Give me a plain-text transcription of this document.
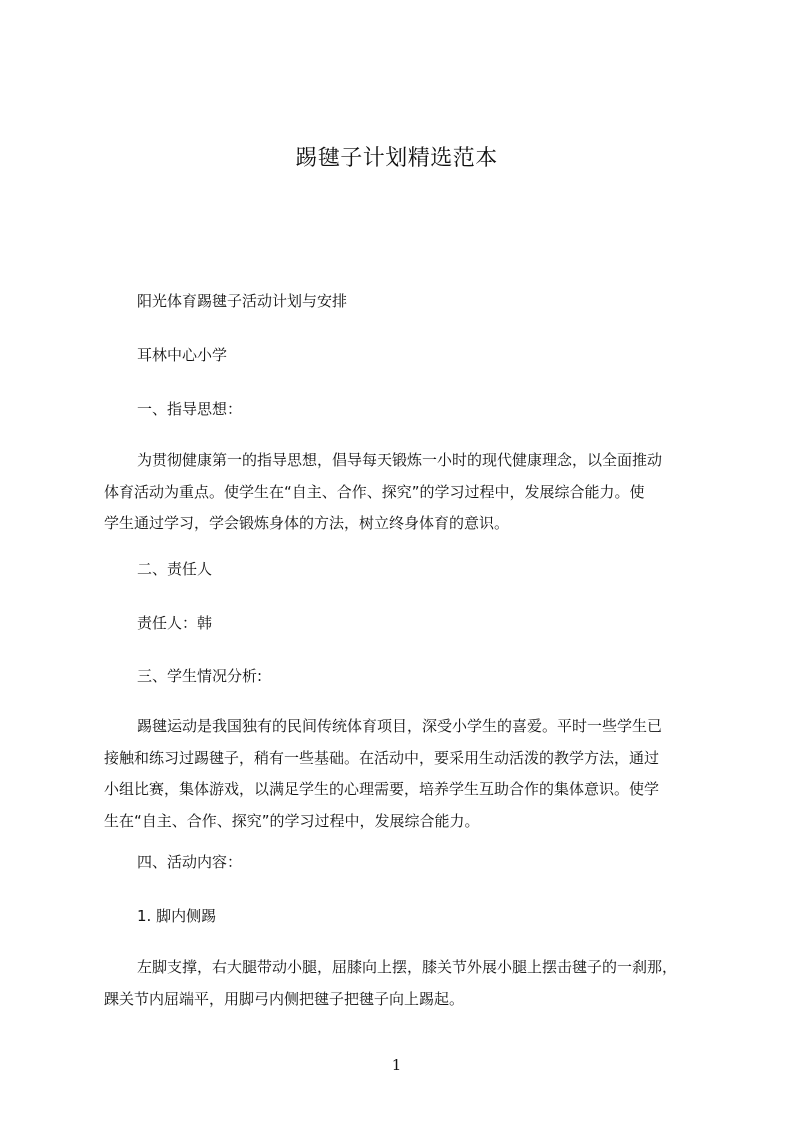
踢毽子计划精选范本
阳光体育踢毽子活动计划与安排
耳林中心小学
一、指导思想：
为贯彻健康第一的指导思想，倡导每天锻炼一小时的现代健康理念，以全面推动
体育活动为重点。使学生在“自主、合作、探究”的学习过程中，发展综合能力。使
学生通过学习，学会锻炼身体的方法，树立终身体育的意识。
二、责任人
责任人：韩
三、学生情况分析:
踢毽运动是我国独有的民间传统体育项目，深受小学生的喜爱。平时一些学生已
接触和练习过踢毽子，稍有一些基础。在活动中，要采用生动活泼的教学方法，通过
小组比赛，集体游戏，以满足学生的心理需要，培养学生互助合作的集体意识。使学
生在“自主、合作、探究”的学习过程中，发展综合能力。
四、活动内容：
1. 脚内侧踢
左脚支撑，右大腿带动小腿，屈膝向上摆，膝关节外展小腿上摆击毽子的一刹那，
踝关节内屈端平，用脚弓内侧把毽子把毽子向上踢起。
1
